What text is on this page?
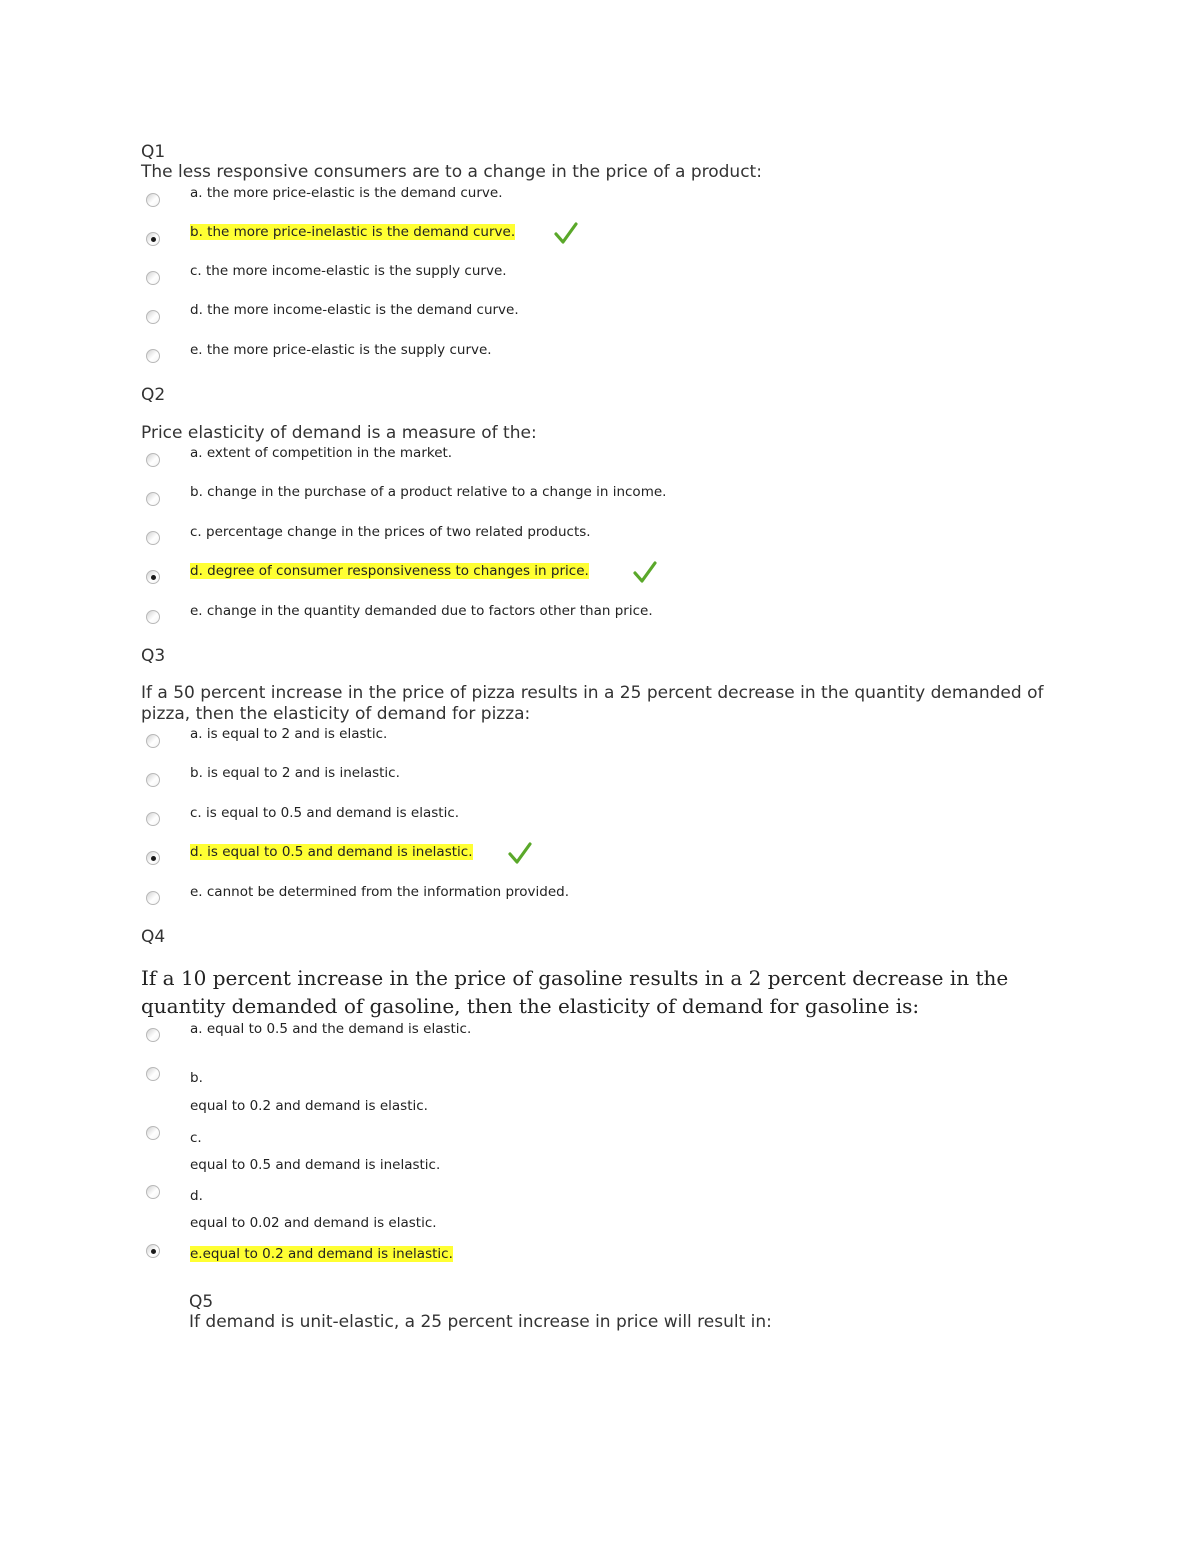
Q1
The less responsive consumers are to a change in the price of a product:
a. the more price-elastic is the demand curve.
b. the more price-inelastic is the demand curve.
c. the more income-elastic is the supply curve.
d. the more income-elastic is the demand curve.
e. the more price-elastic is the supply curve.
Q2
Price elasticity of demand is a measure of the:
a. extent of competition in the market.
b. change in the purchase of a product relative to a change in income.
c. percentage change in the prices of two related products.
d. degree of consumer responsiveness to changes in price.
e. change in the quantity demanded due to factors other than price.
Q3
If a 50 percent increase in the price of pizza results in a 25 percent decrease in the quantity demanded of pizza, then the elasticity of demand for pizza:
a. is equal to 2 and is elastic.
b. is equal to 2 and is inelastic.
c. is equal to 0.5 and demand is elastic.
d. is equal to 0.5 and demand is inelastic.
e. cannot be determined from the information provided.
Q4
If a 10 percent increase in the price of gasoline results in a 2 percent decrease in the quantity demanded of gasoline, then the elasticity of demand for gasoline is:
a. equal to 0.5 and the demand is elastic.
b.
equal to 0.2 and demand is elastic.
c.
equal to 0.5 and demand is inelastic.
d.
equal to 0.02 and demand is elastic.
e.equal to 0.2 and demand is inelastic.
Q5
If demand is unit-elastic, a 25 percent increase in price will result in:
